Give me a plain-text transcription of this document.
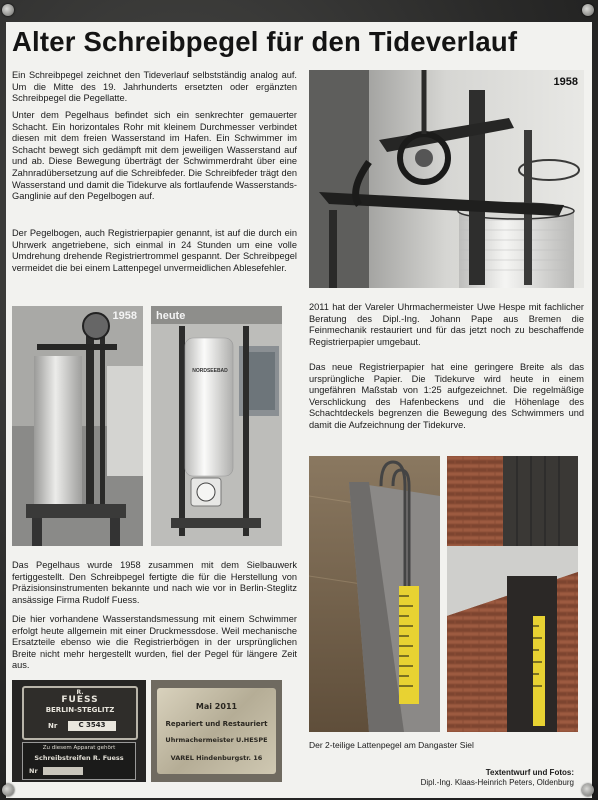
Alter Schreibpegel für den Tideverlauf

Ein Schreibpegel zeichnet den Tideverlauf selbstständig analog auf. Um die Mitte des 19. Jahrhunderts ersetzten oder ergänzten Schreibpegel die Pegellatte.

Unter dem Pegelhaus befindet sich ein senkrechter gemauerter Schacht. Ein horizontales Rohr mit kleinem Durchmesser verbindet diesen mit dem freien Wasserstand im Hafen. Ein Schwimmer im Schacht bewegt sich gedämpft mit dem jeweiligen Wasserstand auf und ab. Diese Bewegung überträgt der Schwimmerdraht über eine Zahnradübersetzung auf die Schreibfeder. Die Schreibfeder trägt den Wasserstand und damit die Tidekurve als fortlaufende Wasserstands-Ganglinie auf den Pegelbogen auf.

Der Pegelbogen, auch Registrierpapier genannt, ist auf die durch ein Uhrwerk angetriebene, sich einmal in 24 Stunden um eine volle Umdrehung drehende Registriertrommel gespannt. Der Schreibpegel vermeidet die bei einem Lattenpegel unvermeidlichen Ablesefehler.

1958
1958 heute
NORDSEEBAD

2011 hat der Vareler Uhrmachermeister Uwe Hespe mit fachlicher Beratung des Dipl.-Ing. Johann Pape aus Bremen die Feinmechanik restauriert und für das jetzt noch zu beschaffende Registrierpapier umgebaut.

Das neue Registrierpapier hat eine geringere Breite als das ursprüngliche Papier. Die Tidekurve wird heute in einem ungefähren Maßstab von 1:25 aufgezeichnet. Die regelmäßige Verschlickung des Hafenbeckens und die Höhenlage des Schachtdeckels begrenzen die Bewegung des Schwimmers und damit die Aufzeichnung der Tidekurve.

Das Pegelhaus wurde 1958 zusammen mit dem Sielbauwerk fertiggestellt. Den Schreibpegel fertigte die für die Herstellung von Präzisionsinstrumenten bekannte und nach wie vor in Berlin-Steglitz ansässige Firma Rudolf Fuess.

Die hier vorhandene Wasserstandsmessung mit einem Schwimmer erfolgt heute allgemein mit einer Druckmessdose. Weil mechanische Ersatzteile ebenso wie die Registrierbögen in der ursprünglichen Breite nicht mehr hergestellt wurden, fiel der Pegel für längere Zeit aus.

Der 2-teilige Lattenpegel am Dangaster Siel
R.
FUESS
BERLIN-STEGLITZ
Nr	C 3543
Zu diesem Apparat gehört
Schreibstreifen R. Fuess
Nr
Mai 2011
Repariert und Restauriert
Uhrmachermeister U.HESPE
VAREL Hindenburgstr. 16
Textentwurf und Fotos:
Dipl.-Ing. Klaas-Heinrich Peters, Oldenburg
